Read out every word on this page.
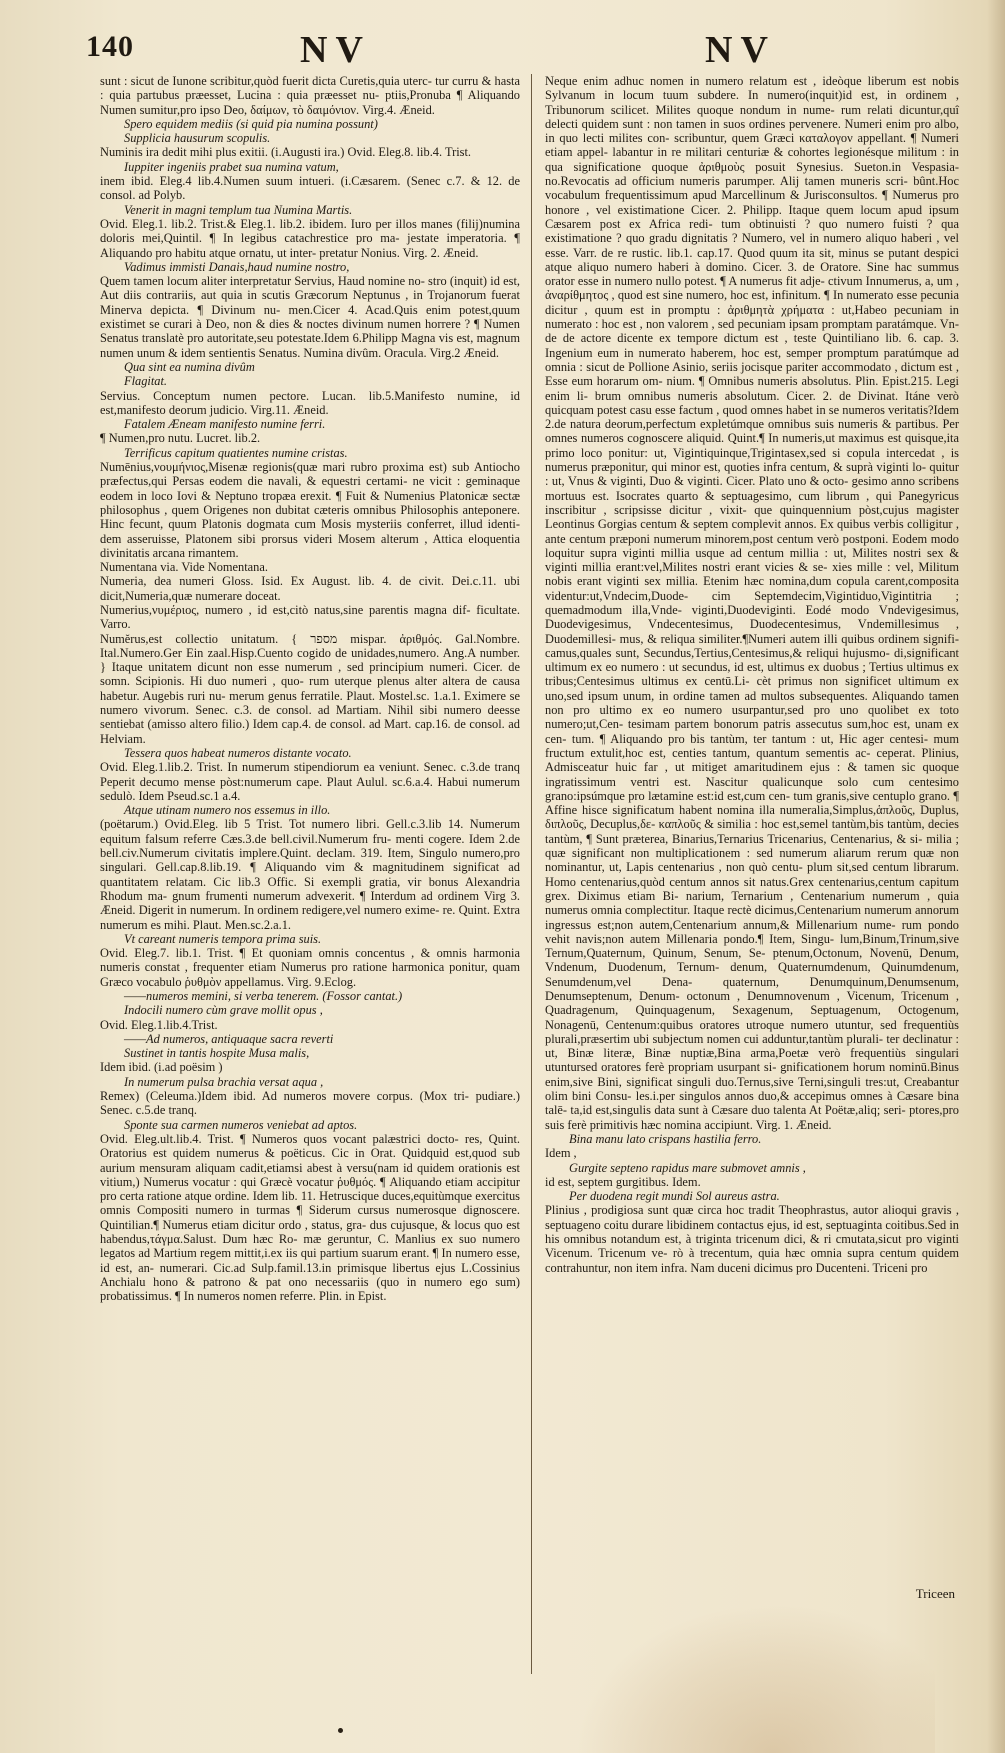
140	NV	NV

sunt : sicut de Iunone scribitur,quòd fuerit dicta Curetis,quia uterc- tur curru & hasta : quia partubus præesset, Lucina : quia præesset nu- ptiis,Pronuba ¶ Aliquando Numen sumitur,pro ipso Deo, δαίμων, τὸ δαιμόνιον. Virg.4. Æneid.

Spero equidem mediis (si quid pia numina possunt)

Supplicia hausurum scopulis.

Numinis ira dedit mihi plus exitii. (i.Augusti ira.) Ovid. Eleg.8. lib.4. Trist.

Iuppiter ingeniis prabet sua numina vatum,

inem ibid. Eleg.4 lib.4.Numen suum intueri. (i.Cæsarem. (Senec c.7. & 12. de consol. ad Polyb.

Venerit in magni templum tua Numina Martis.

Ovid. Eleg.1. lib.2. Trist.& Eleg.1. lib.2. ibidem. Iuro per illos manes (filij)numina doloris mei,Quintil. ¶ In legibus catachrestice pro ma- jestate imperatoria. ¶ Aliquando pro habitu atque ornatu, ut inter- pretatur Nonius. Virg. 2. Æneid.

Vadimus immisti Danais,haud numine nostro,

Quem tamen locum aliter interpretatur Servius, Haud nomine no- stro (inquit) id est, Aut diis contrariis, aut quia in scutis Græcorum Neptunus , in Trojanorum fuerat Minerva depicta. ¶ Divinum nu- men.Cicer 4. Acad.Quis enim potest,quum existimet se curari à Deo, non & dies & noctes divinum numen horrere ? ¶ Numen Senatus translatè pro autoritate,seu potestate.Idem 6.Philipp Magna vis est, magnum numen unum & idem sentientis Senatus. Numina divûm. Oracula. Virg.2 Æneid.

Qua sint ea numina divûm

Flagitat.

Servius. Conceptum numen pectore. Lucan. lib.5.Manifesto numine, id est,manifesto deorum judicio. Virg.11. Æneid.

Fatalem Æneam manifesto numine ferri.

¶ Numen,pro nutu. Lucret. lib.2.

Terrificus capitum quatientes numine cristas.

Numēnius,νουμήνιος,Misenæ regionis(quæ mari rubro proxima est) sub Antiocho præfectus,qui Persas eodem die navali, & equestri certami- ne vicit : geminaque eodem in loco Iovi & Neptuno tropæa erexit. ¶ Fuit & Numenius Platonicæ sectæ philosophus , quem Origenes non dubitat cæteris omnibus Philosophis anteponere. Hinc fecunt, quum Platonis dogmata cum Mosis mysteriis conferret, illud identi- dem asseruisse, Platonem sibi prorsus videri Mosem alterum , Attica eloquentia divinitatis arcana rimantem.

Numentana via. Vide Nomentana.

Numeria, dea numeri Gloss. Isid. Ex August. lib. 4. de civit. Dei.c.11. ubi dicit,Numeria,quæ numerare doceat.

Numerius,νυμέριος, numero , id est,citò natus,sine parentis magna dif- ficultate. Varro.

Numĕrus,est collectio unitatum. { מספר mispar. ἀριθμός. Gal.Nombre. Ital.Numero.Ger Ein zaal.Hisp.Cuento cogido de unidades,numero. Ang.A number. } Itaque unitatem dicunt non esse numerum , sed principium numeri. Cicer. de somn. Scipionis. Hi duo numeri , quo- rum uterque plenus alter altera de causa habetur. Augebis ruri nu- merum genus ferratile. Plaut. Mostel.sc. 1.a.1. Eximere se numero vivorum. Senec. c.3. de consol. ad Martiam. Nihil sibi numero deesse sentiebat (amisso altero filio.) Idem cap.4. de consol. ad Mart. cap.16. de consol. ad Helviam.

Tessera quos habeat numeros distante vocato.

Ovid. Eleg.1.lib.2. Trist. In numerum stipendiorum ea veniunt. Senec. c.3.de tranq Peperit decumo mense pòst:numerum cape. Plaut Aulul. sc.6.a.4. Habui numerum sedulò. Idem Pseud.sc.1 a.4.

Atque utinam numero nos essemus in illo.

(poëtarum.) Ovid.Eleg. lib 5 Trist. Tot numero libri. Gell.c.3.lib 14. Numerum equitum falsum referre Cæs.3.de bell.civil.Numerum fru- menti cogere. Idem 2.de bell.civ.Numerum civitatis implere.Quint. declam. 319. Item, Singulo numero,pro singulari. Gell.cap.8.lib.19. ¶ Aliquando vim & magnitudinem significat ad quantitatem relatam. Cic lib.3 Offic. Si exempli gratia, vir bonus Alexandria Rhodum ma- gnum frumenti numerum advexerit. ¶ Interdum ad ordinem Virg 3. Æneid. Digerit in numerum. In ordinem redigere,vel numero exime- re. Quint. Extra numerum es mihi. Plaut. Men.sc.2.a.1.

Vt careant numeris tempora prima suis.

Ovid. Eleg.7. lib.1. Trist. ¶ Et quoniam omnis concentus , & omnis harmonia numeris constat , frequenter etiam Numerus pro ratione harmonica ponitur, quam Græco vocabulo ῥυθμὸν appellamus. Virg. 9.Eclog.

——numeros memini, si verba tenerem. (Fossor cantat.)

Indocili numero cùm grave mollit opus ,

Ovid. Eleg.1.lib.4.Trist.

——Ad numeros, antiquaque sacra reverti

Sustinet in tantis hospite Musa malis,

Idem ibid. (i.ad poësim )

In numerum pulsa brachia versat aqua ,

Remex) (Celeuma.)Idem ibid. Ad numeros movere corpus. (Mox tri- pudiare.) Senec. c.5.de tranq.

Sponte sua carmen numeros veniebat ad aptos.

Ovid. Eleg.ult.lib.4. Trist. ¶ Numeros quos vocant palæstrici docto- res, Quint. Oratorius est quidem numerus & poëticus. Cic in Orat. Quidquid est,quod sub aurium mensuram aliquam cadit,etiamsi abest à versu(nam id quidem orationis est vitium,) Numerus vocatur : qui Græcè vocatur ῥυθμός. ¶ Aliquando etiam accipitur pro certa ratione atque ordine. Idem lib. 11. Hetruscique duces,equitùmque exercitus omnis Compositi numero in turmas ¶ Siderum cursus numerosque dignoscere. Quintilian.¶ Numerus etiam dicitur ordo , status, gra- dus cujusque, & locus quo est habendus,τάγμα.Salust. Dum hæc Ro- mæ geruntur, C. Manlius ex suo numero legatos ad Martium regem mittit,i.ex iis qui partium suarum erant. ¶ In numero esse, id est, an- numerari. Cic.ad Sulp.famil.13.in primisque libertus ejus L.Cossinius Anchialu hono & patrono & pat ono necessariis (quo in numero ego sum) probatissimus. ¶ In numeros nomen referre. Plin. in Epist.

Neque enim adhuc nomen in numero relatum est , ideòque liberum est nobis Sylvanum in locum tuum subdere. In numero(inquit)id est, in ordinem , Tribunorum scilicet. Milites quoque nondum in nume- rum relati dicuntur,quî delecti quidem sunt : non tamen in suos ordines pervenere. Numeri enim pro albo, in quo lecti milites con- scribuntur, quem Græci καταλογον appellant. ¶ Numeri etiam appel- labantur in re militari centuriæ & cohortes legionésque militum : in qua significatione quoque ἀριθμοὺς posuit Synesius. Sueton.in Vespasia- no.Revocatis ad officium numeris parumper. Alij tamen muneris scri- bûnt.Hoc vocabulum frequentissimum apud Marcellinum & Jurisconsultos. ¶ Numerus pro honore , vel existimatione Cicer. 2. Philipp. Itaque quem locum apud ipsum Cæsarem post ex Africa redi- tum obtinuisti ? quo numero fuisti ? qua existimatione ? quo gradu dignitatis ? Numero, vel in numero aliquo haberi , vel esse. Varr. de re rustic. lib.1. cap.17. Quod quum ita sit, minus se putant despici atque aliquo numero haberi à domino. Cicer. 3. de Oratore. Sine hac summus orator esse in numero nullo potest. ¶ A numerus fit adje- ctivum Innumerus, a, um , ἀναρίθμητος , quod est sine numero, hoc est, infinitum. ¶ In numerato esse pecunia dicitur , quum est in promptu : ἀριθμητὰ χρήματα : ut,Habeo pecuniam in numerato : hoc est , non valorem , sed pecuniam ipsam promptam paratámque. Vn- de de actore dicente ex tempore dictum est , teste Quintiliano lib. 6. cap. 3. Ingenium eum in numerato haberem, hoc est, semper promptum paratúmque ad omnia : sicut de Pollione Asinio, seriis jocisque pariter accommodato , dictum est , Esse eum horarum om- nium. ¶ Omnibus numeris absolutus. Plin. Epist.215. Legi enim li- brum omnibus numeris absolutum. Cicer. 2. de Divinat. Itáne verò quicquam potest casu esse factum , quod omnes habet in se numeros veritatis?Idem 2.de natura deorum,perfectum expletúmque omnibus suis numeris & partibus. Per omnes numeros cognoscere aliquid. Quint.¶ In numeris,ut maximus est quisque,ita primo loco ponitur: ut, Vigintiquinque,Trigintasex,sed si copula intercedat , is numerus præponitur, qui minor est, quoties infra centum, & suprà viginti lo- quitur : ut, Vnus & viginti, Duo & viginti. Cicer. Plato uno & octo- gesimo anno scribens mortuus est. Isocrates quarto & septuagesimo, cum librum , qui Panegyricus inscribitur , scripsisse dicitur , vixit- que quinquennium pòst,cujus magister Leontinus Gorgias centum & septem complevit annos. Ex quibus verbis colligitur , ante centum præponi numerum minorem,post centum verò postponi. Eodem modo loquitur supra viginti millia usque ad centum millia : ut, Milites nostri sex & viginti millia erant:vel,Milites nostri erant vicies & se- xies mille : vel, Militum nobis erant viginti sex millia. Etenim hæc nomina,dum copula carent,composita videntur:ut,Vndecim,Duode- cim Septemdecim,Vigintiduo,Vigintitria ; quemadmodum illa,Vnde- viginti,Duodeviginti. Eodé modo Vndevigesimus, Duodevigesimus, Vndecentesimus, Duodecentesimus, Vndemillesimus , Duodemillesi- mus, & reliqua similiter.¶Numeri autem illi quibus ordinem signifi- camus,quales sunt, Secundus,Tertius,Centesimus,& reliqui hujusmo- di,significant ultimum ex eo numero : ut secundus, id est, ultimus ex duobus ; Tertius ultimus ex tribus;Centesimus ultimus ex centū.Li- cèt primus non significet ultimum ex uno,sed ipsum unum, in ordine tamen ad multos subsequentes. Aliquando tamen non pro ultimo ex eo numero usurpantur,sed pro uno quolibet ex toto numero;ut,Cen- tesimam partem bonorum patris assecutus sum,hoc est, unam ex cen- tum. ¶ Aliquando pro bis tantùm, ter tantum : ut, Hic ager centesi- mum fructum extulit,hoc est, centies tantum, quantum sementis ac- ceperat. Plinius, Admisceatur huic far , ut mitiget amaritudinem ejus : & tamen sic quoque ingratissimum ventri est. Nascitur qualicunque solo cum centesimo grano:ipsúmque pro lætamine est:id est,cum cen- tum granis,sive centuplo grano. ¶ Affine hisce significatum habent nomina illa numeralia,Simplus,ἁπλοῦς, Duplus, διπλοῦς, Decuplus,δε- καπλοῦς & similia : hoc est,semel tantùm,bis tantùm, decies tantùm, ¶ Sunt præterea, Binarius,Ternarius Tricenarius, Centenarius, & si- milia ; quæ significant non multiplicationem : sed numerum aliarum rerum quæ non nominantur, ut, Lapis centenarius , non quò centu- plum sit,sed centum librarum. Homo centenarius,quòd centum annos sit natus.Grex centenarius,centum capitum grex. Diximus etiam Bi- narium, Ternarium , Centenarium numerum , quia numerus omnia complectitur. Itaque rectè dicimus,Centenarium numerum annorum ingressus est;non autem,Centenarium annum,& Millenarium nume- rum pondo vehit navis;non autem Millenaria pondo.¶ Item, Singu- lum,Binum,Trinum,sive Ternum,Quaternum, Quinum, Senum, Se- ptenum,Octonum, Novenū, Denum, Vndenum, Duodenum, Ternum- denum, Quaternumdenum, Quinumdenum, Senumdenum,vel Dena- quaternum, Denumquinum,Denumsenum, Denumseptenum, Denum- octonum , Denumnovenum , Vicenum, Tricenum , Quadragenum, Quinquagenum, Sexagenum, Septuagenum, Octogenum, Nonagenū, Centenum:quibus oratores utroque numero utuntur, sed frequentiùs plurali,præsertim ubi subjectum nomen cui adduntur,tantùm plurali- ter declinatur : ut, Binæ literæ, Binæ nuptiæ,Bina arma,Poetæ verò frequentiùs singulari utuntursed oratores ferè propriam usurpant si- gnificationem horum nominū.Binus enim,sive Bini, significat singuli duo.Ternus,sive Terni,singuli tres:ut, Creabantur olim bini Consu- les.i.per singulos annos duo,& accepimus omnes à Cæsare bina talē- ta,id est,singulis data sunt à Cæsare duo talenta At Poëtæ,aliq; seri- ptores,pro suis ferè primitivis hæc nomina accipiunt. Virg. 1. Æneid.

Bina manu lato crispans hastilia ferro.

Idem ,

Gurgite septeno rapidus mare submovet amnis ,

id est, septem gurgitibus. Idem.

Per duodena regit mundi Sol aureus astra.

Plinius , prodigiosa sunt quæ circa hoc tradit Theophrastus, autor alioqui gravis , septuageno coitu durare libidinem contactus ejus, id est, septuaginta coitibus.Sed in his omnibus notandum est, à triginta tricenum dici, & ri cmutata,sicut pro viginti Vicenum. Tricenum ve- rò à trecentum, quia hæc omnia supra centum quidem contrahuntur, non item infra. Nam duceni dicimus pro Ducenteni. Triceni pro

Triceen
